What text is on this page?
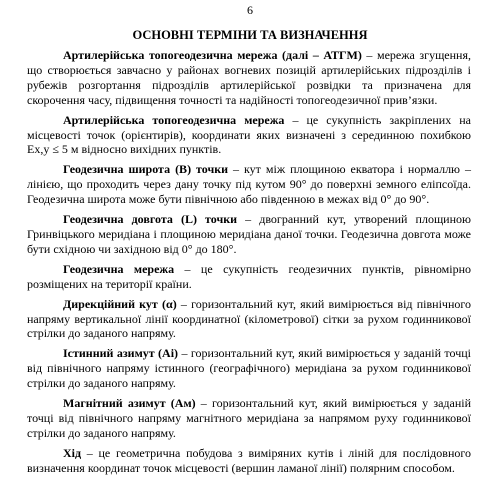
6
ОСНОВНІ ТЕРМІНИ ТА ВИЗНАЧЕННЯ

Артилерійська топогеодезична мережа (далі – АТГМ) – мережа згущення, що створюється завчасно у районах вогневих позицій артилерійських підрозділів і рубежів розгортання підрозділів артилерійської розвідки та призначена для скорочення часу, підвищення точності та надійності топогеодезичної прив’язки.

Артилерійська топогеодезична мережа – це сукупність закріплених на місцевості точок (орієнтирів), координати яких визначені з серединною похибкою Ex,y ≤ 5 м відносно вихідних пунктів.

Геодезична широта (B) точки – кут між площиною екватора і нормаллю – лінією, що проходить через дану точку під кутом 90° до поверхні земного еліпсоїда. Геодезична широта може бути північною або південною в межах від 0° до 90°.

Геодезична довгота (L) точки – двогранний кут, утворений площиною Гринвіцького меридіана і площиною меридіана даної точки. Геодезична довгота може бути східною чи західною від 0° до 180°.

Геодезична мережа – це сукупність геодезичних пунктів, рівномірно розміщених на території країни.

Дирекційний кут (α) – горизонтальний кут, який вимірюється від північного напряму вертикальної лінії координатної (кілометрової) сітки за рухом годинникової стрілки до заданого напряму.

Істинний азимут (Aі) – горизонтальний кут, який вимірюється у заданій точці від північного напряму істинного (географічного) меридіана за рухом годинникової стрілки до заданого напряму.

Магнітний азимут (Aм) – горизонтальний кут, який вимірюється у заданій точці від північного напряму магнітного меридіана за напрямом руху годинникової стрілки до заданого напряму.

Хід – це геометрична побудова з виміряних кутів і ліній для послідовного визначення координат точок місцевості (вершин ламаної лінії) полярним способом.
